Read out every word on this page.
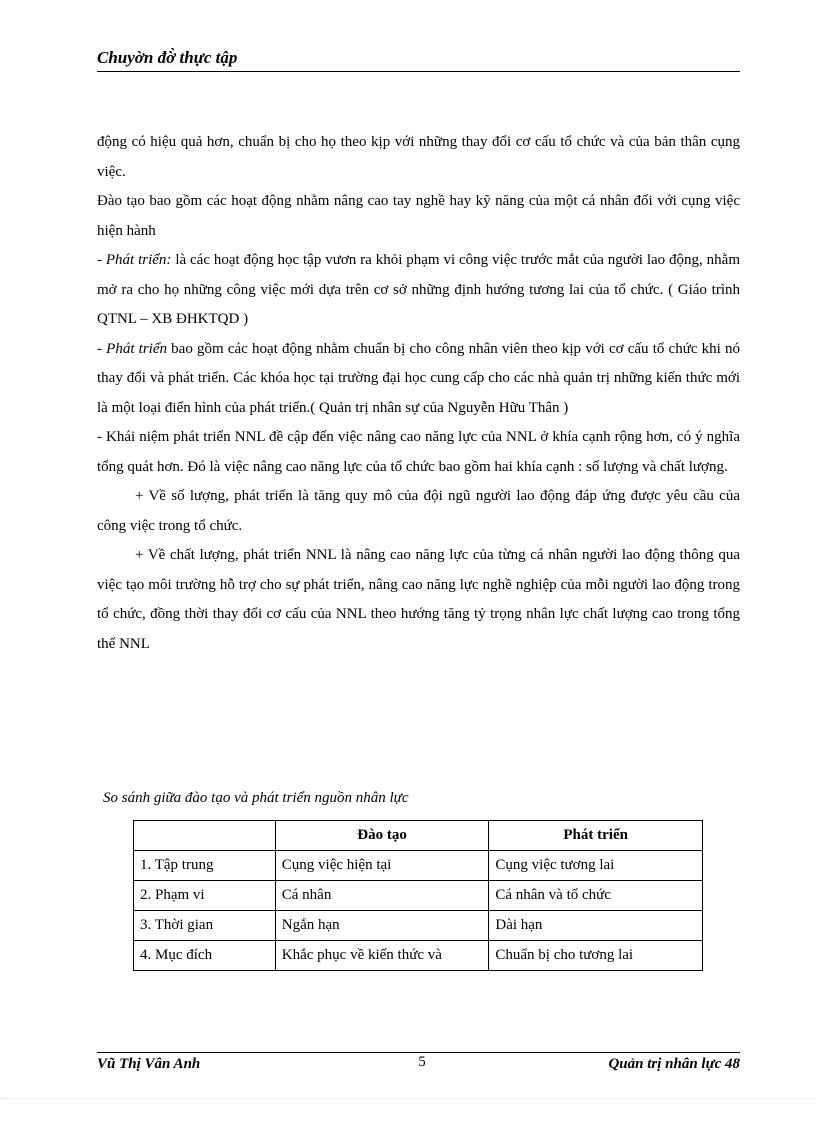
Chuyờn đờ̀ thực tập

động có hiệu quả hơn, chuẩn bị cho họ theo kịp với những thay đổi cơ cấu tổ chức và của bản thân cụng việc.

Đào tạo bao gồm các hoạt động nhằm nâng cao tay nghề hay kỹ năng của một cá nhân đối với cụng việc hiện hành

- Phát triển: là các hoạt động học tập vươn ra khỏi phạm vi công việc trước mắt của người lao động, nhằm mở ra cho họ những công việc mới dựa trên cơ sở những định hướng tương lai của tổ chức. ( Giáo trình QTNL – XB ĐHKTQD )

- Phát triển bao gồm các hoạt động nhằm chuẩn bị cho công nhân viên theo kịp với cơ cấu tổ chức khi nó thay đổi và phát triển. Các khóa học tại trường đại học cung cấp cho các nhà quản trị những kiến thức mới là một loại điển hình của phát triển.( Quản trị nhân sự của Nguyễn Hữu Thân )

- Khái niệm phát triển NNL đề cập đến việc nâng cao năng lực của NNL ở khía cạnh rộng hơn, có ý nghĩa tổng quát hơn. Đó là việc nâng cao năng lực của tổ chức bao gồm hai khía cạnh : số lượng và chất lượng.

+ Về số lượng, phát triển là tăng quy mô của đội ngũ người lao động đáp ứng được yêu cầu của công việc trong tổ chức.

+ Về chất lượng, phát triển NNL là nâng cao năng lực của từng cá nhân người lao động thông qua việc tạo môi trường hỗ trợ cho sự phát triển, nâng cao năng lực nghề nghiệp của mỗi người lao động trong tổ chức, đồng thời thay đổi cơ cấu của NNL theo hướng tăng tỷ trọng nhân lực chất lượng cao trong tổng thể NNL

So sánh giữa đào tạo và phát triển nguồn nhân lực
	Đào tạo	Phát triển
1. Tập trung	Cụng việc hiện tại	Cụng việc tương lai
2. Phạm vi	Cá nhân	Cá nhân và tổ chức
3. Thời gian	Ngắn hạn	Dài hạn
4. Mục đích	Khắc phục về kiến thức và	Chuẩn bị cho tương lai
Vũ Thị Vân Anh	5	Quản trị nhân lực 48
